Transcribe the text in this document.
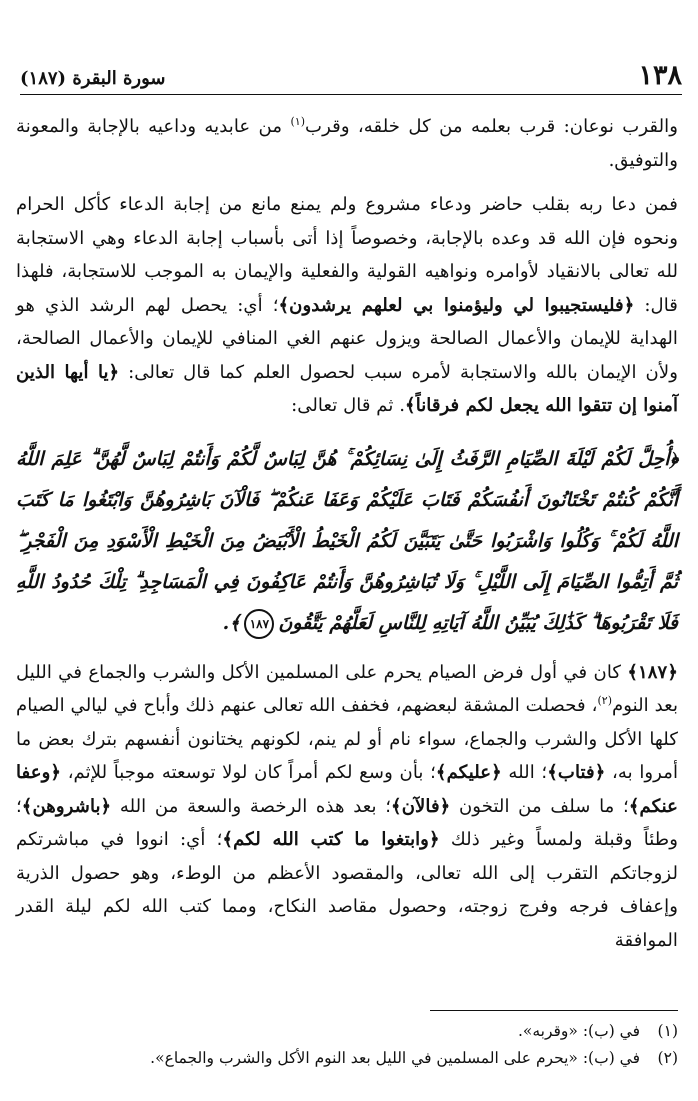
١٣٨
سورة البقرة (١٨٧)

والقرب نوعان: قرب بعلمه من كل خلقه، وقرب$^{(١)}$ من عابديه وداعيه بالإجابة والمعونة والتوفيق.

فمن دعا ربه بقلب حاضر ودعاء مشروع ولم يمنع مانع من إجابة الدعاء كأكل الحرام ونحوه فإن الله قد وعده بالإجابة، وخصوصاً إذا أتى بأسباب إجابة الدعاء وهي الاستجابة لله تعالى بالانقياد لأوامره ونواهيه القولية والفعلية والإيمان به الموجب للاستجابة، فلهذا قال: ﴿فليستجيبوا لي وليؤمنوا بي لعلهم يرشدون﴾؛ أي: يحصل لهم الرشد الذي هو الهداية للإيمان والأعمال الصالحة ويزول عنهم الغي المنافي للإيمان والأعمال الصالحة، ولأن الإيمان بالله والاستجابة لأمره سبب لحصول العلم كما قال تعالى: ﴿يا أيها الذين آمنوا إن تتقوا الله يجعل لكم فرقاناً﴾. ثم قال تعالى:

﴿أُحِلَّ لَكُمْ لَيْلَةَ الصِّيَامِ الرَّفَثُ إِلَىٰ نِسَائِكُمْ ۚ هُنَّ لِبَاسٌ لَّكُمْ وَأَنتُمْ لِبَاسٌ لَّهُنَّ ۗ عَلِمَ اللَّهُ أَنَّكُمْ كُنتُمْ تَخْتَانُونَ أَنفُسَكُمْ فَتَابَ عَلَيْكُمْ وَعَفَا عَنكُمْ ۖ فَالْآنَ بَاشِرُوهُنَّ وَابْتَغُوا مَا كَتَبَ اللَّهُ لَكُمْ ۚ وَكُلُوا وَاشْرَبُوا حَتَّىٰ يَتَبَيَّنَ لَكُمُ الْخَيْطُ الْأَبْيَضُ مِنَ الْخَيْطِ الْأَسْوَدِ مِنَ الْفَجْرِ ۖ ثُمَّ أَتِمُّوا الصِّيَامَ إِلَى اللَّيْلِ ۚ وَلَا تُبَاشِرُوهُنَّ وَأَنتُمْ عَاكِفُونَ فِي الْمَسَاجِدِ ۗ تِلْكَ حُدُودُ اللَّهِ فَلَا تَقْرَبُوهَا ۗ كَذَٰلِكَ يُبَيِّنُ اللَّهُ آيَاتِهِ لِلنَّاسِ لَعَلَّهُمْ يَتَّقُونَ١٨٧﴾.

﴿١٨٧﴾ كان في أول فرض الصيام يحرم على المسلمين الأكل والشرب والجماع في الليل بعد النوم$^{(٢)}$، فحصلت المشقة لبعضهم، فخفف الله تعالى عنهم ذلك وأباح في ليالي الصيام كلها الأكل والشرب والجماع، سواء نام أو لم ينم، لكونهم يختانون أنفسهم بترك بعض ما أمروا به، ﴿فتاب﴾؛ الله ﴿عليكم﴾؛ بأن وسع لكم أمراً كان لولا توسعته موجباً للإثم، ﴿وعفا عنكم﴾؛ ما سلف من التخون ﴿فالآن﴾؛ بعد هذه الرخصة والسعة من الله ﴿باشروهن﴾؛ وطئاً وقبلة ولمساً وغير ذلك ﴿وابتغوا ما كتب الله لكم﴾؛ أي: انووا في مباشرتكم لزوجاتكم التقرب إلى الله تعالى، والمقصود الأعظم من الوطء، وهو حصول الذرية وإعفاف فرجه وفرج زوجته، وحصول مقاصد النكاح، ومما كتب الله لكم ليلة القدر الموافقة

(١)في (ب): «وقربه».

(٢)في (ب): «يحرم على المسلمين في الليل بعد النوم الأكل والشرب والجماع».
